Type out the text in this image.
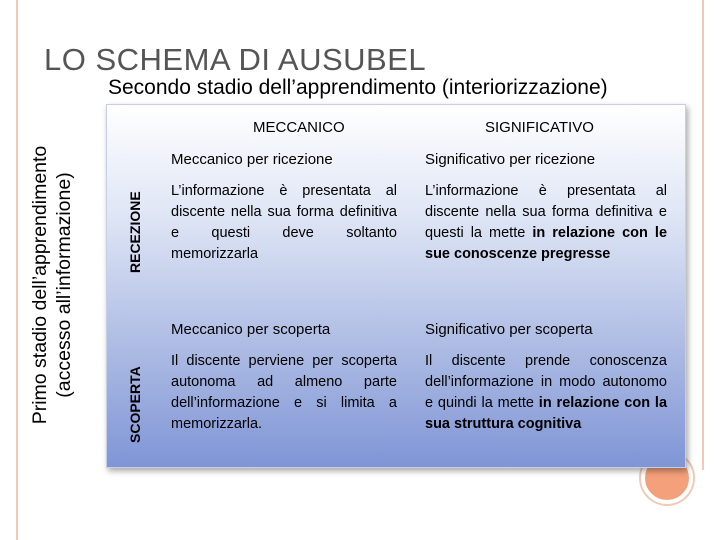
LO SCHEMA DI AUSUBEL
Secondo stadio dell’apprendimento (interiorizzazione)
Primo stadio dell’apprendimento (accesso all’informazione)
MECCANICO	SIGNIFICATIVO
RECEZIONE
SCOPERTA
Meccanico per ricezione
L’informazione è presentata al discente nella sua forma definitiva e questi deve soltanto memorizzarla
Significativo per ricezione
L’informazione è presentata al discente nella sua forma definitiva e questi la mette in relazione con le sue conoscenze pregresse
Meccanico per scoperta
Il discente perviene per scoperta autonoma ad almeno parte dell’informazione e si limita a memorizzarla.
Significativo per scoperta
Il discente prende conoscenza dell’informazione in modo autonomo e quindi la mette in relazione con la sua struttura cognitiva
